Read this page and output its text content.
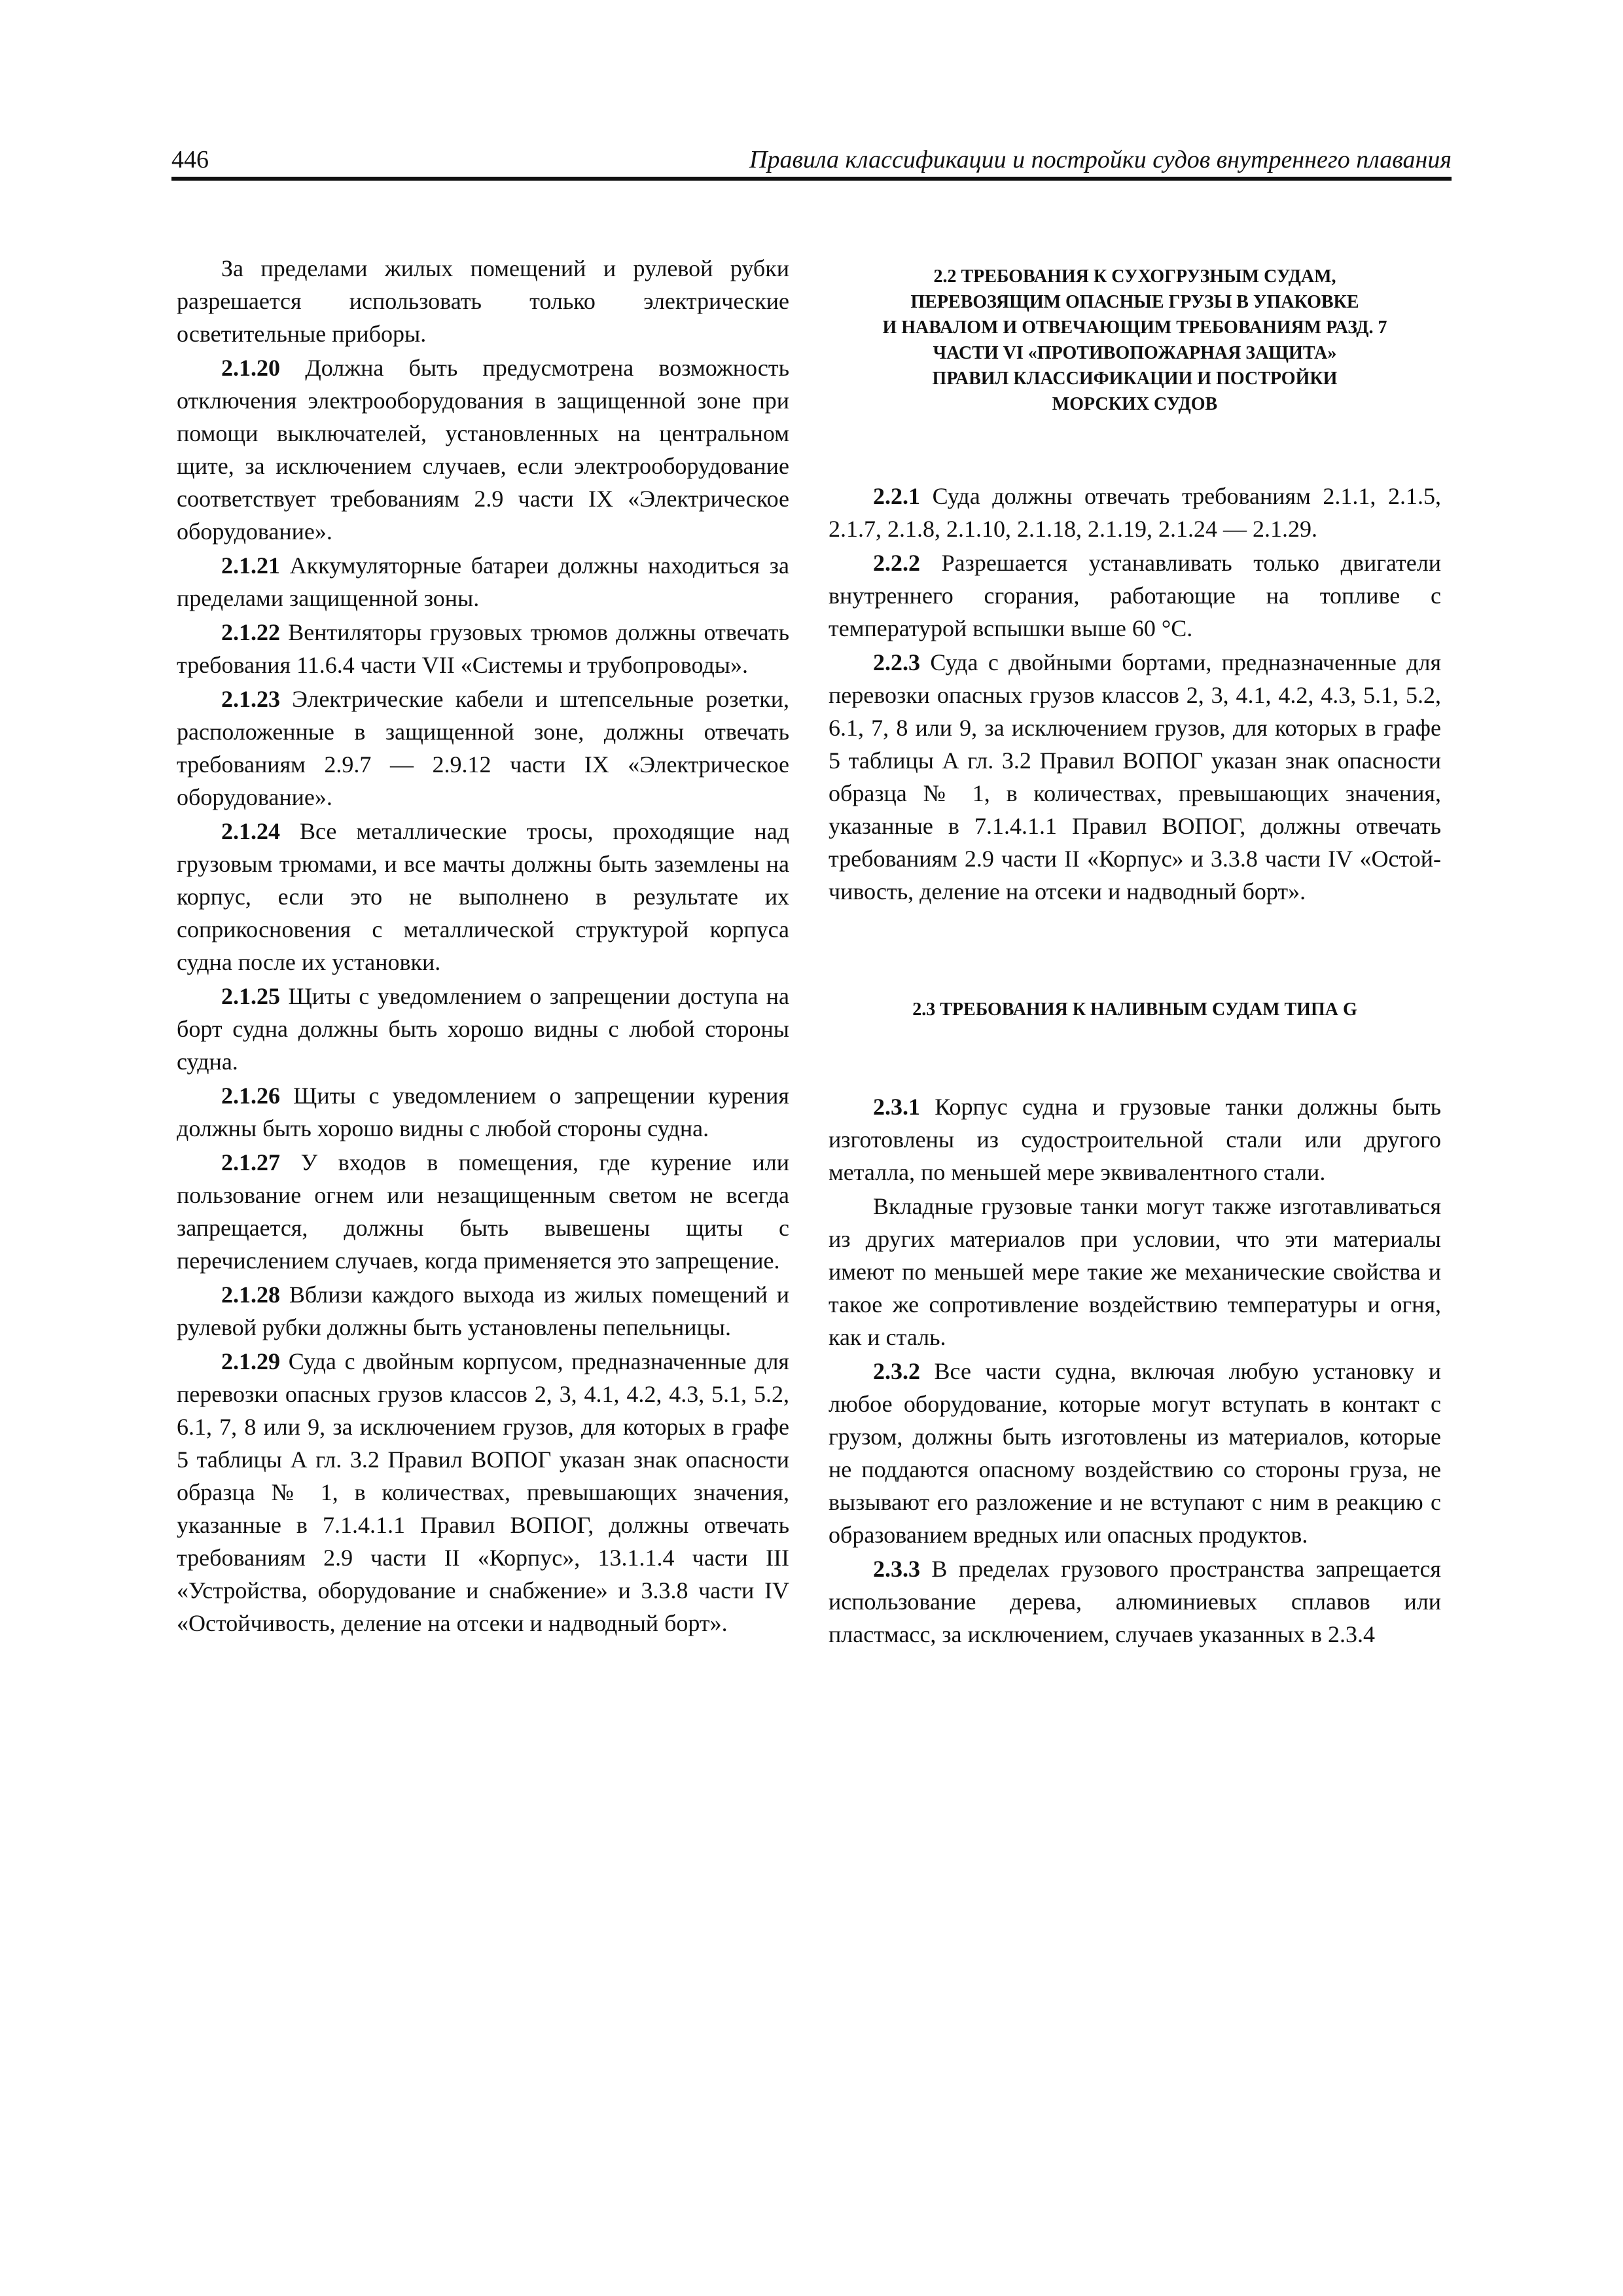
446	Правила классификации и постройки судов внутреннего плавания

За пределами жилых помещений и рулевой рубки разрешается использовать только электрические осветительные приборы.

2.1.20 Должна быть предусмотрена возможность отключения электрооборудования в защищенной зоне при помощи выключателей, установленных на центральном щите, за исключением случаев, если электрооборудование соответствует требованиям 2.9 части IX «Электрическое оборудование».

2.1.21 Аккумуляторные батареи должны находиться за пределами защищенной зоны.

2.1.22 Вентиляторы грузовых трюмов должны отвечать требования 11.6.4 части VII «Системы и трубопроводы».

2.1.23 Электрические кабели и штепсельные розетки, расположенные в защищенной зоне, должны отвечать требованиям 2.9.7 — 2.9.12 части IX «Электрическое оборудование».

2.1.24 Все металлические тросы, проходящие над грузовым трюмами, и все мачты должны быть заземлены на корпус, если это не выполнено в результате их соприкосновения с металлической структурой корпуса судна после их установки.

2.1.25 Щиты с уведомлением о запрещении доступа на борт судна должны быть хорошо видны с любой стороны судна.

2.1.26 Щиты с уведомлением о запрещении курения должны быть хорошо видны с любой стороны судна.

2.1.27 У входов в помещения, где курение или пользование огнем или незащищенным светом не всегда запрещается, должны быть вывешены щиты с перечислением случаев, когда применяется это запрещение.

2.1.28 Вблизи каждого выхода из жилых помещений и рулевой рубки должны быть установлены пепельницы.

2.1.29 Суда с двойным корпусом, предназначенные для перевозки опасных грузов классов 2, 3, 4.1, 4.2, 4.3, 5.1, 5.2, 6.1, 7, 8 или 9, за исключением грузов, для которых в графе 5 таблицы А гл. 3.2 Правил ВОПОГ указан знак опасности образца № 1, в количествах, превышающих значения, указанные в 7.1.4.1.1 Правил ВОПОГ, должны отвечать требованиям 2.9 части II «Корпус», 13.1.1.4 части III «Устройства, оборудование и снабжение» и 3.3.8 части IV «Остойчивость, деление на отсеки и надводный борт».

2.2 ТРЕБОВАНИЯ К СУХОГРУЗНЫМ СУДАМ,
ПЕРЕВОЗЯЩИМ ОПАСНЫЕ ГРУЗЫ В УПАКОВКЕ
И НАВАЛОМ И ОТВЕЧАЮЩИМ ТРЕБОВАНИЯМ РАЗД. 7
ЧАСТИ VI «ПРОТИВОПОЖАРНАЯ ЗАЩИТА»
ПРАВИЛ КЛАССИФИКАЦИИ И ПОСТРОЙКИ
МОРСКИХ СУДОВ

2.2.1 Суда должны отвечать требованиям 2.1.1, 2.1.5, 2.1.7, 2.1.8, 2.1.10, 2.1.18, 2.1.19, 2.1.24 — 2.1.29.

2.2.2 Разрешается устанавливать только двигатели внутреннего сгорания, работающие на топливе с температурой вспышки выше 60 °С.

2.2.3 Суда с двойными бортами, предназначенные для перевозки опасных грузов классов 2, 3, 4.1, 4.2, 4.3, 5.1, 5.2, 6.1, 7, 8 или 9, за исключением грузов, для которых в графе 5 таблицы А гл. 3.2 Правил ВОПОГ указан знак опасности образца № 1, в количествах, превышающих значения, указанные в 7.1.4.1.1 Правил ВОПОГ, должны отвечать требованиям 2.9 части II «Корпус» и 3.3.8 части IV «Остойчивость, деление на отсеки и надводный борт».

2.3 ТРЕБОВАНИЯ К НАЛИВНЫМ СУДАМ ТИПА G

2.3.1 Корпус судна и грузовые танки должны быть изготовлены из судостроительной стали или другого металла, по меньшей мере эквивалентного стали.

Вкладные грузовые танки могут также изготавливаться из других материалов при условии, что эти материалы имеют по меньшей мере такие же механические свойства и такое же сопротивление воздействию температуры и огня, как и сталь.

2.3.2 Все части судна, включая любую установку и любое оборудование, которые могут вступать в контакт с грузом, должны быть изготовлены из материалов, которые не поддаются опасному воздействию со стороны груза, не вызывают его разложение и не вступают с ним в реакцию с образованием вредных или опасных продуктов.

2.3.3 В пределах грузового пространства запрещается использование дерева, алюминиевых сплавов или пластмасс, за исключением, случаев указанных в 2.3.4
